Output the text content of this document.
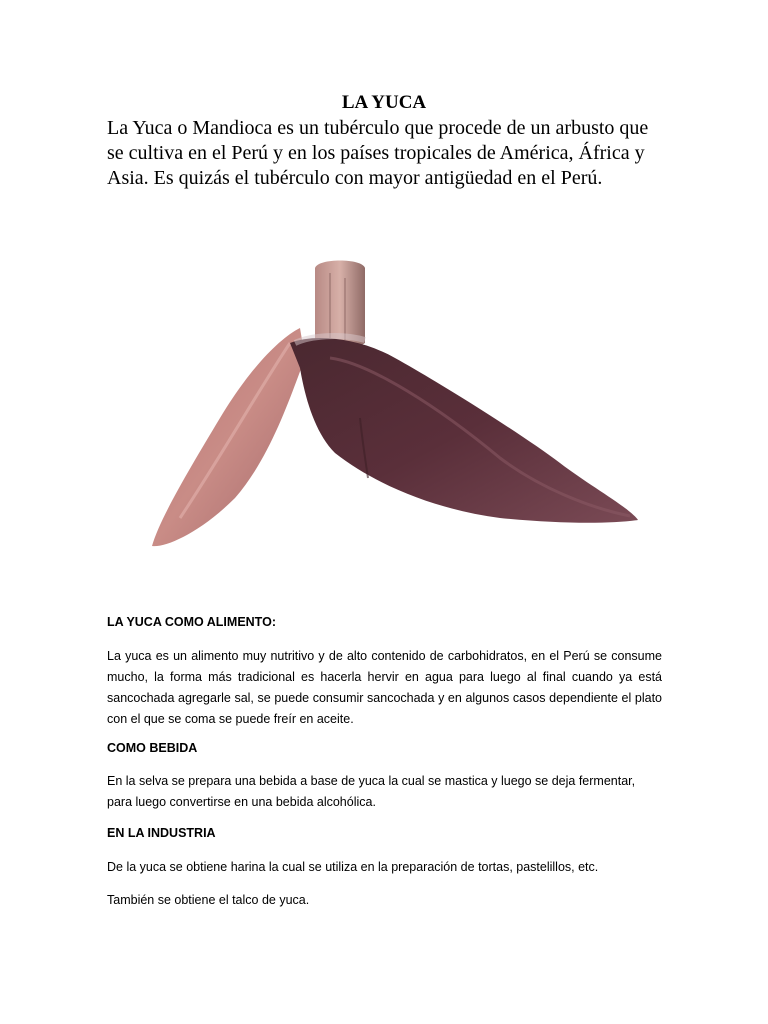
LA YUCA

La Yuca o Mandioca es un tubérculo que procede de un arbusto que se cultiva en el Perú y en los países tropicales de América, África y Asia. Es quizás el tubérculo con mayor antigüedad en el Perú.

LA YUCA COMO ALIMENTO:

La yuca es un alimento muy nutritivo y de alto contenido de carbohidratos, en el Perú se consume mucho, la forma más tradicional es hacerla hervir en agua para luego al final cuando ya está sancochada agregarle sal, se puede consumir sancochada y en algunos casos dependiente el plato con el que se coma se puede freír en aceite.

COMO BEBIDA

En la selva se prepara una bebida a base de yuca la cual se mastica y luego se deja fermentar, para luego convertirse en una bebida alcohólica.

EN LA INDUSTRIA

De la yuca se obtiene harina la cual se utiliza en la preparación de tortas, pastelillos, etc.

También se obtiene el talco de yuca.
